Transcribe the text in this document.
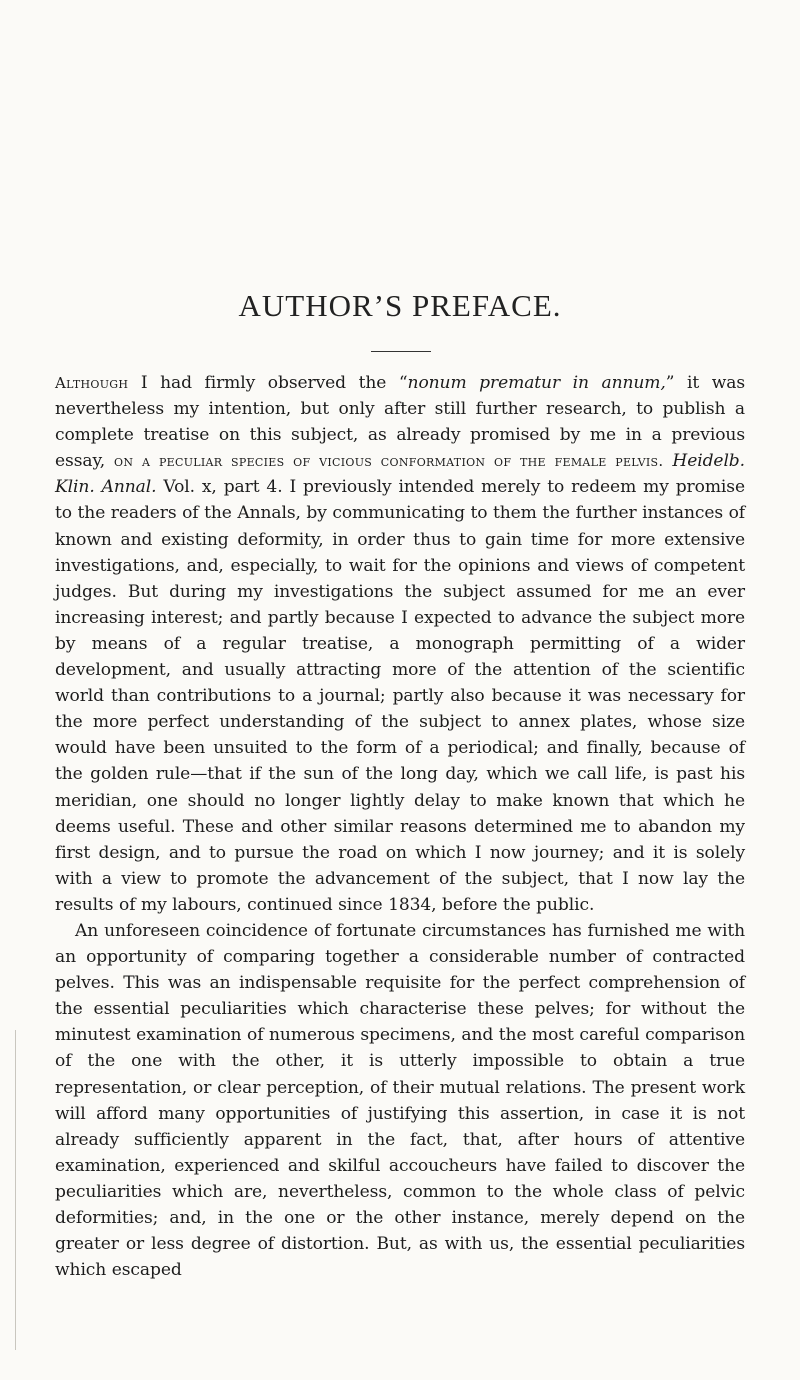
AUTHOR’S PREFACE.

Although I had firmly observed the “nonum prematur in annum,” it was nevertheless my intention, but only after still further research, to publish a complete treatise on this subject, as already promised by me in a previous essay, on a peculiar species of vicious conformation of the female pelvis. Heidelb. Klin. Annal. Vol. x, part 4. I previously intended merely to redeem my promise to the readers of the Annals, by communicating to them the further instances of known and existing deformity, in order thus to gain time for more extensive investigations, and, especially, to wait for the opinions and views of competent judges. But during my investigations the subject assumed for me an ever increasing interest; and partly because I expected to advance the subject more by means of a regular treatise, a monograph permitting of a wider development, and usually attracting more of the attention of the scientific world than contributions to a journal; partly also because it was necessary for the more perfect understanding of the subject to annex plates, whose size would have been unsuited to the form of a periodical; and finally, because of the golden rule—that if the sun of the long day, which we call life, is past his meridian, one should no longer lightly delay to make known that which he deems useful. These and other similar reasons determined me to abandon my first design, and to pursue the road on which I now journey; and it is solely with a view to promote the advancement of the subject, that I now lay the results of my labours, continued since 1834, before the public.

An unforeseen coincidence of fortunate circumstances has furnished me with an opportunity of comparing together a considerable number of contracted pelves. This was an indispensable requisite for the perfect comprehension of the essential peculiarities which characterise these pelves; for without the minutest examination of numerous specimens, and the most careful comparison of the one with the other, it is utterly impossible to obtain a true representation, or clear perception, of their mutual relations. The present work will afford many opportunities of justifying this assertion, in case it is not already sufficiently apparent in the fact, that, after hours of attentive examination, experienced and skilful accoucheurs have failed to discover the peculiarities which are, nevertheless, common to the whole class of pelvic deformities; and, in the one or the other instance, merely depend on the greater or less degree of distortion. But, as with us, the essential peculiarities which escaped
